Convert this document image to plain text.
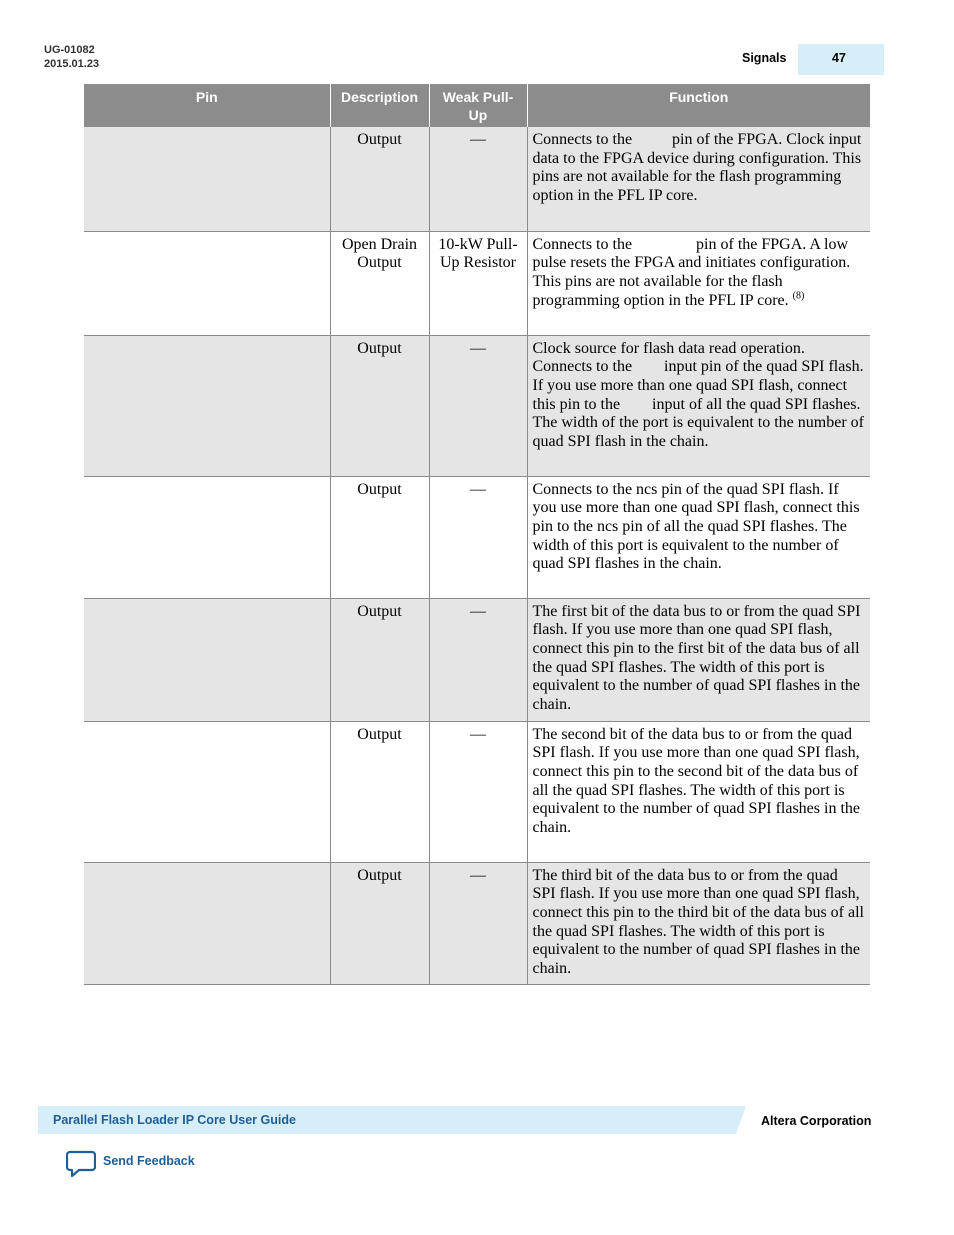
UG-01082
2015.01.23	Signals	47
Pin	Description	Weak Pull-Up	Function
	Output	—	Connects to the          pin of the FPGA. Clock input data to the FPGA device during configuration. This pins are not available for the flash programming option in the PFL IP core.
	Open Drain Output	10-kW Pull-Up Resistor	Connects to the                pin of the FPGA. A low pulse resets the FPGA and initiates configuration. This pins are not available for the flash programming option in the PFL IP core. $^{(8)}$
	Output	—	Clock source for flash data read operation. Connects to the        input pin of the quad SPI flash. If you use more than one quad SPI flash, connect this pin to the        input of all the quad SPI flashes. The width of the port is equivalent to the number of quad SPI flash in the chain.
	Output	—	Connects to the ncs pin of the quad SPI flash. If you use more than one quad SPI flash, connect this pin to the ncs pin of all the quad SPI flashes. The width of this port is equivalent to the number of quad SPI flashes in the chain.
	Output	—	The first bit of the data bus to or from the quad SPI flash. If you use more than one quad SPI flash, connect this pin to the first bit of the data bus of all the quad SPI flashes. The width of this port is equivalent to the number of quad SPI flashes in the chain.
	Output	—	The second bit of the data bus to or from the quad SPI flash. If you use more than one quad SPI flash, connect this pin to the second bit of the data bus of all the quad SPI flashes. The width of this port is equivalent to the number of quad SPI flashes in the chain.
	Output	—	The third bit of the data bus to or from the quad SPI flash. If you use more than one quad SPI flash, connect this pin to the third bit of the data bus of all the quad SPI flashes. The width of this port is equivalent to the number of quad SPI flashes in the chain.
Parallel Flash Loader IP Core User Guide	Altera Corporation
Send Feedback
